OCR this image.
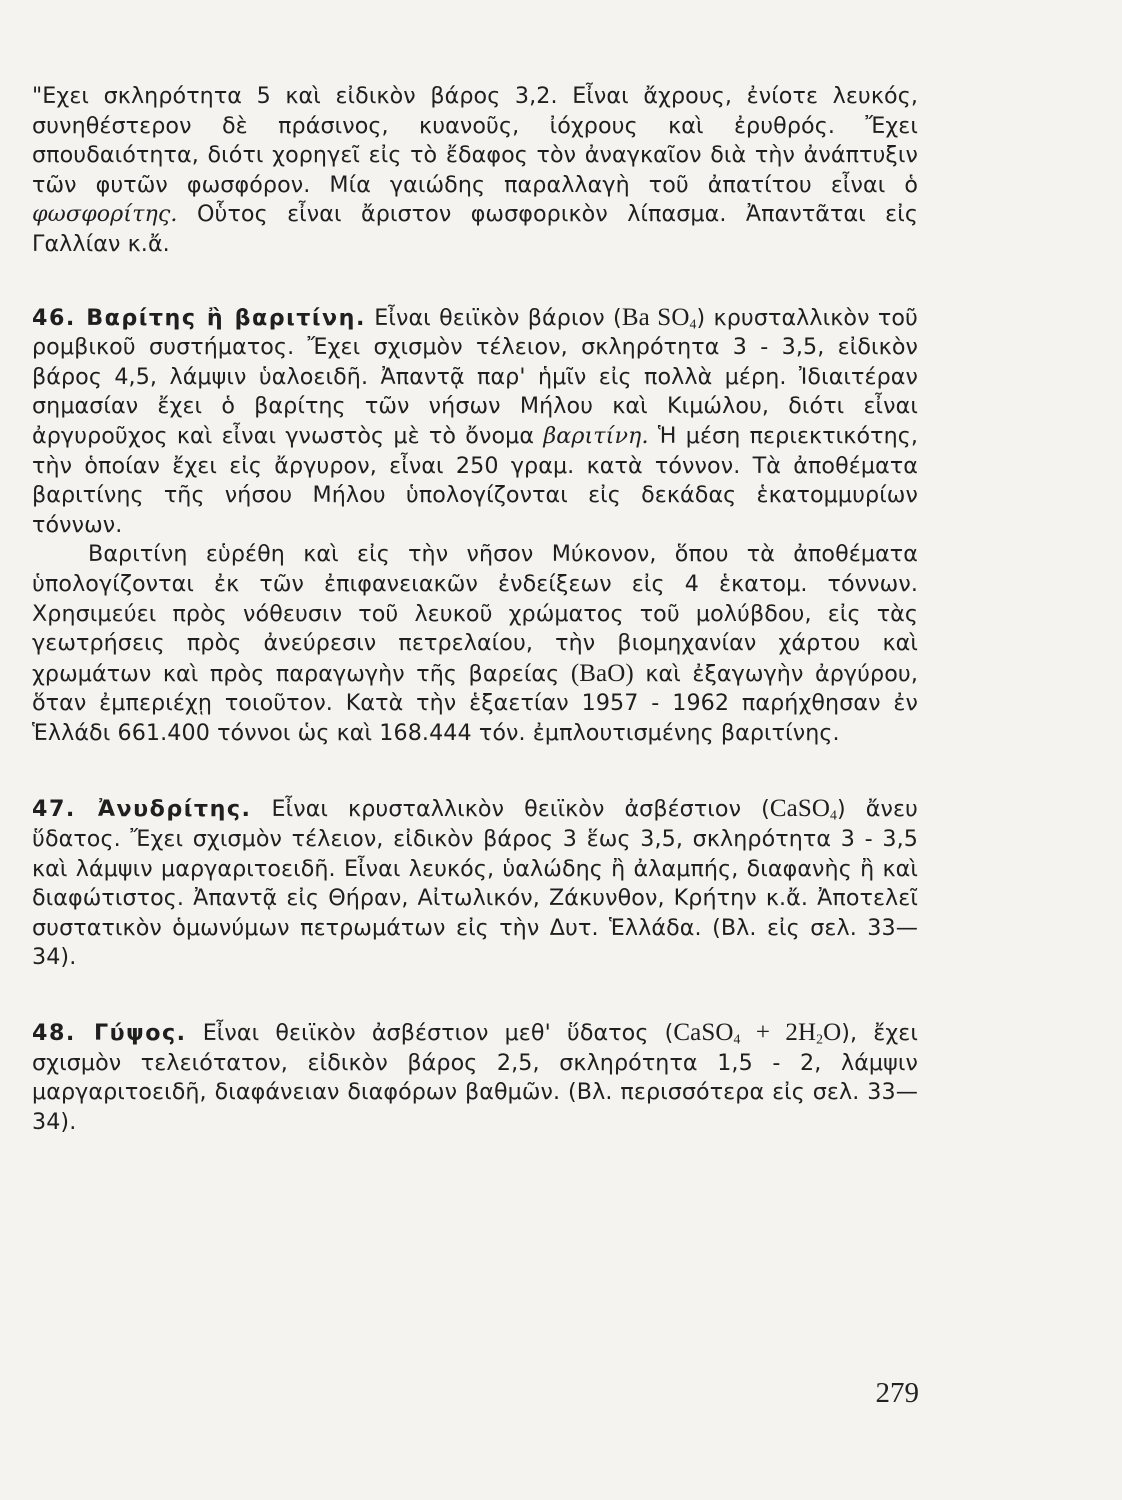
"Εχει σκληρότητα 5 καὶ εἰδικὸν βάρος 3,2. Εἶναι ἄχρους, ἐνίοτε λευκός, συνηθέστερον δὲ πράσινος, κυανοῦς, ἰόχρους καὶ ἐρυθρός. Ἔχει σπουδαιότητα, διότι χορηγεῖ εἰς τὸ ἔδαφος τὸν ἀναγκαῖον διὰ τὴν ἀνάπτυξιν τῶν φυτῶν φωσφόρον. Μία γαιώδης παραλλαγὴ τοῦ ἀπατίτου εἶναι ὁ φωσφορίτης. Οὗτος εἶναι ἄριστον φωσφορικὸν λίπασμα. Ἀπαντᾶται εἰς Γαλλίαν κ.ἄ.

46. Βαρίτης ἢ βαριτίνη. Εἶναι θειϊκὸν βάριον (Ba $SO_4$) κρυσταλλικὸν τοῦ ρομβικοῦ συστήματος. Ἔχει σχισμὸν τέλειον, σκληρότητα 3 - 3,5, εἰδικὸν βάρος 4,5, λάμψιν ὑαλοειδῆ. Ἀπαντᾷ παρ' ἡμῖν εἰς πολλὰ μέρη. Ἰδιαιτέραν σημασίαν ἔχει ὁ βαρίτης τῶν νήσων Μήλου καὶ Κιμώλου, διότι εἶναι ἀργυροῦχος καὶ εἶναι γνωστὸς μὲ τὸ ὄνομα βαριτίνη. Ἡ μέση περιεκτικότης, τὴν ὁποίαν ἔχει εἰς ἄργυρον, εἶναι 250 γραμ. κατὰ τόννον. Τὰ ἀποθέματα βαριτίνης τῆς νήσου Μήλου ὑπολογίζονται εἰς δεκάδας ἑκατομμυρίων τόννων.

Βαριτίνη εὑρέθη καὶ εἰς τὴν νῆσον Μύκονον, ὅπου τὰ ἀποθέματα ὑπολογίζονται ἐκ τῶν ἐπιφανειακῶν ἐνδείξεων εἰς 4 ἑκατομ. τόννων. Χρησιμεύει πρὸς νόθευσιν τοῦ λευκοῦ χρώματος τοῦ μολύβδου, εἰς τὰς γεωτρήσεις πρὸς ἀνεύρεσιν πετρελαίου, τὴν βιομηχανίαν χάρτου καὶ χρωμάτων καὶ πρὸς παραγωγὴν τῆς βαρείας (BaO) καὶ ἐξαγωγὴν ἀργύρου, ὅταν ἐμπεριέχῃ τοιοῦτον. Κατὰ τὴν ἑξαετίαν 1957 - 1962 παρήχθησαν ἐν Ἑλλάδι 661.400 τόννοι ὡς καὶ 168.444 τόν. ἐμπλουτισμένης βαριτίνης.

47. Ἀνυδρίτης. Εἶναι κρυσταλλικὸν θειϊκὸν ἀσβέστιον (CaSO$_4$) ἄνευ ὕδατος. Ἔχει σχισμὸν τέλειον, εἰδικὸν βάρος 3 ἕως 3,5, σκληρότητα 3 - 3,5 καὶ λάμψιν μαργαριτοειδῆ. Εἶναι λευκός, ὑαλώδης ἢ ἀλαμπής, διαφανὴς ἢ καὶ διαφώτιστος. Ἀπαντᾷ εἰς Θήραν, Αἰτωλικόν, Ζάκυνθον, Κρήτην κ.ἄ. Ἀποτελεῖ συστατικὸν ὁμωνύμων πετρωμάτων εἰς τὴν Δυτ. Ἑλλάδα. (Βλ. εἰς σελ. 33—34).

48. Γύψος. Εἶναι θειϊκὸν ἀσβέστιον μεθ' ὕδατος (CaSO$_4$ + $2H_2O$), ἔχει σχισμὸν τελειότατον, εἰδικὸν βάρος 2,5, σκληρότητα 1,5 - 2, λάμψιν μαργαριτοειδῆ, διαφάνειαν διαφόρων βαθμῶν. (Βλ. περισσότερα εἰς σελ. 33—34).

279
